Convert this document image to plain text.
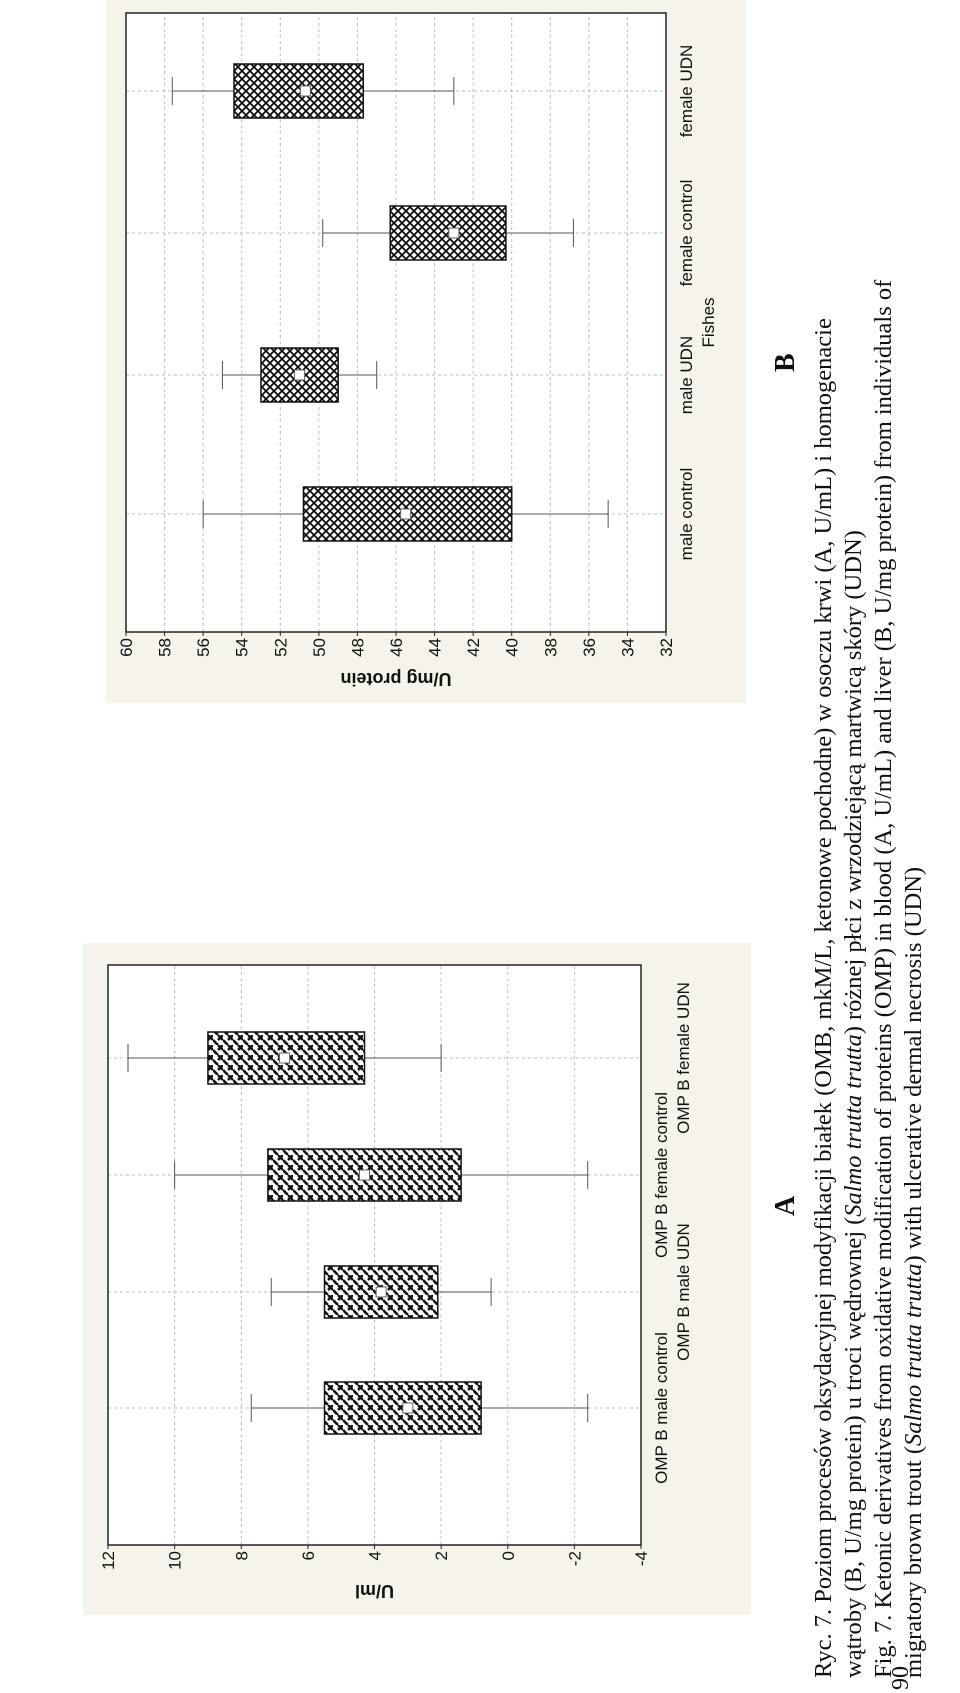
12	10	8	6	4	2	0	-2	-4
OMP B male control
OMP B male UDN
OMP B female control
OMP B female UDN
U/ml
A
60 58 56 54 52 50 48 46 44 42 40 38 36 34 32
male control
male UDN
female control
female UDN
Fishes
U/mg protein
B Ryc. 7. Poziom procesów oksydacyjnej modyfikacji białek (OMB, mkM/L, ketonowe pochodne) w osoczu krwi (A, U/mL) i homogenacie wątroby (B, U/mg protein) u troci wędrownej (Salmo trutta trutta) różnej płci z wrzodziejącą martwicą skóry (UDN) Fig. 7. Ketonic derivatives from oxidative modification of proteins (OMP) in blood (A, U/mL) and liver (B, U/mg protein) from individuals of migratory brown trout (Salmo trutta trutta) with ulcerative dermal necrosis (UDN)
90
